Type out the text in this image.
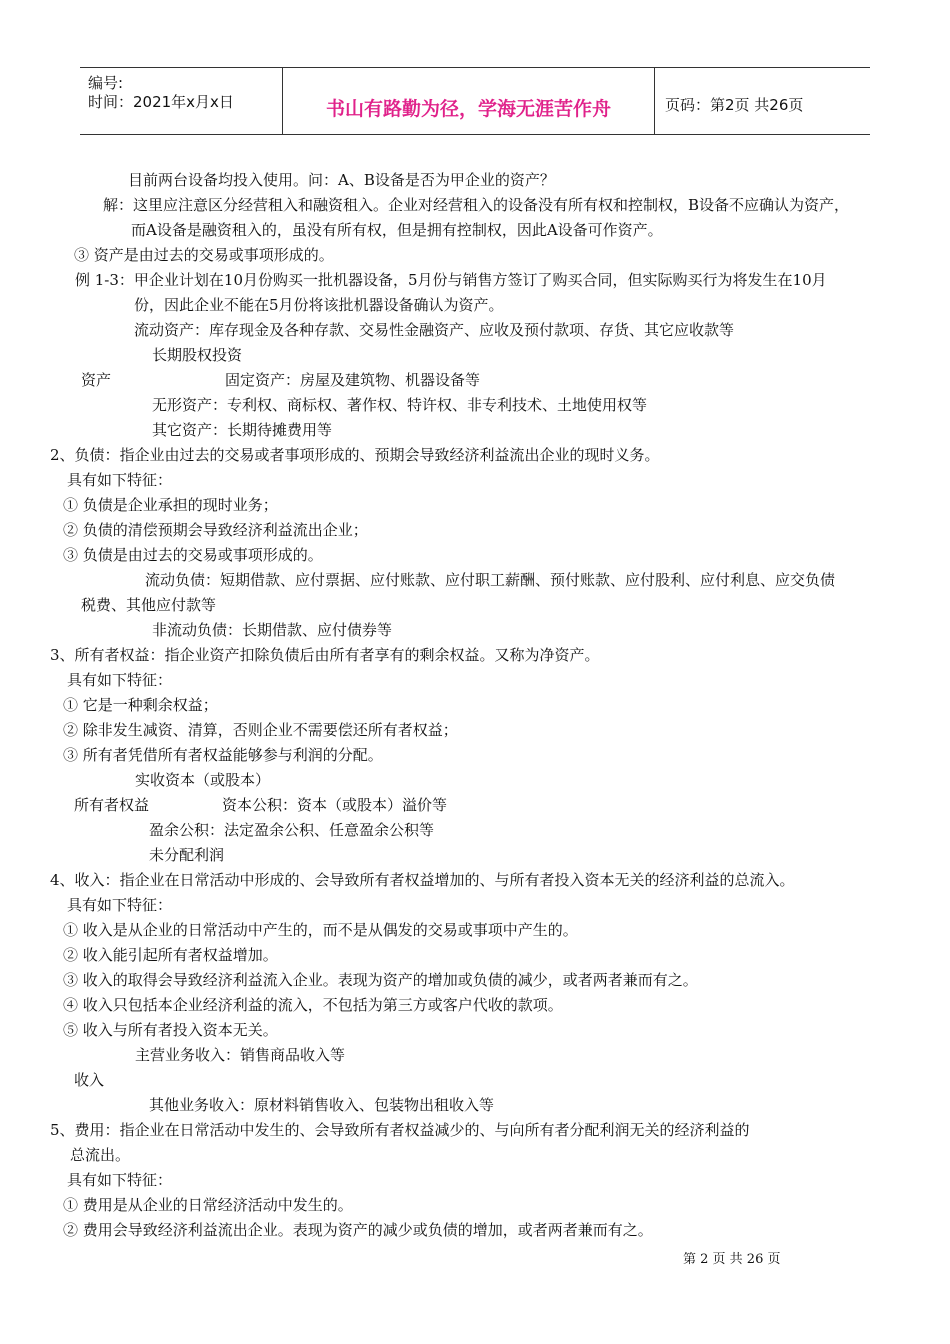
编号:
时间：2021年x月x日	书山有路勤为径，学海无涯苦作舟	页码：第2页 共26页
目前两台设备均投入使用。问：A、B设备是否为甲企业的资产？
解：这里应注意区分经营租入和融资租入。企业对经营租入的设备没有所有权和控制权，B设备不应确认为资产，
而A设备是融资租入的，虽没有所有权，但是拥有控制权，因此A设备可作资产。
③ 资产是由过去的交易或事项形成的。
例 1-3：甲企业计划在10月份购买一批机器设备，5月份与销售方签订了购买合同，但实际购买行为将发生在10月
份，因此企业不能在5月份将该批机器设备确认为资产。
流动资产：库存现金及各种存款、交易性金融资产、应收及预付款项、存货、其它应收款等
长期股权投资
资产	固定资产：房屋及建筑物、机器设备等
无形资产：专利权、商标权、著作权、特许权、非专利技术、土地使用权等
其它资产：长期待摊费用等
2、负债：指企业由过去的交易或者事项形成的、预期会导致经济利益流出企业的现时义务。
具有如下特征：
① 负债是企业承担的现时业务；
② 负债的清偿预期会导致经济利益流出企业；
③ 负债是由过去的交易或事项形成的。
流动负债：短期借款、应付票据、应付账款、应付职工薪酬、预付账款、应付股利、应付利息、应交负债
税费、其他应付款等
非流动负债：长期借款、应付债券等
3、所有者权益：指企业资产扣除负债后由所有者享有的剩余权益。又称为净资产。
具有如下特征：
① 它是一种剩余权益；
② 除非发生减资、清算，否则企业不需要偿还所有者权益；
③ 所有者凭借所有者权益能够参与利润的分配。
实收资本（或股本）
所有者权益	资本公积：资本（或股本）溢价等
盈余公积：法定盈余公积、任意盈余公积等
未分配利润
4、收入：指企业在日常活动中形成的、会导致所有者权益增加的、与所有者投入资本无关的经济利益的总流入。
具有如下特征：
① 收入是从企业的日常活动中产生的，而不是从偶发的交易或事项中产生的。
② 收入能引起所有者权益增加。
③ 收入的取得会导致经济利益流入企业。表现为资产的增加或负债的减少，或者两者兼而有之。
④ 收入只包括本企业经济利益的流入，不包括为第三方或客户代收的款项。
⑤ 收入与所有者投入资本无关。
主营业务收入：销售商品收入等
收入
其他业务收入：原材料销售收入、包装物出租收入等
5、费用：指企业在日常活动中发生的、会导致所有者权益减少的、与向所有者分配利润无关的经济利益的
总流出。
具有如下特征：
① 费用是从企业的日常经济活动中发生的。
② 费用会导致经济利益流出企业。表现为资产的减少或负债的增加，或者两者兼而有之。
第 2 页 共 26 页
